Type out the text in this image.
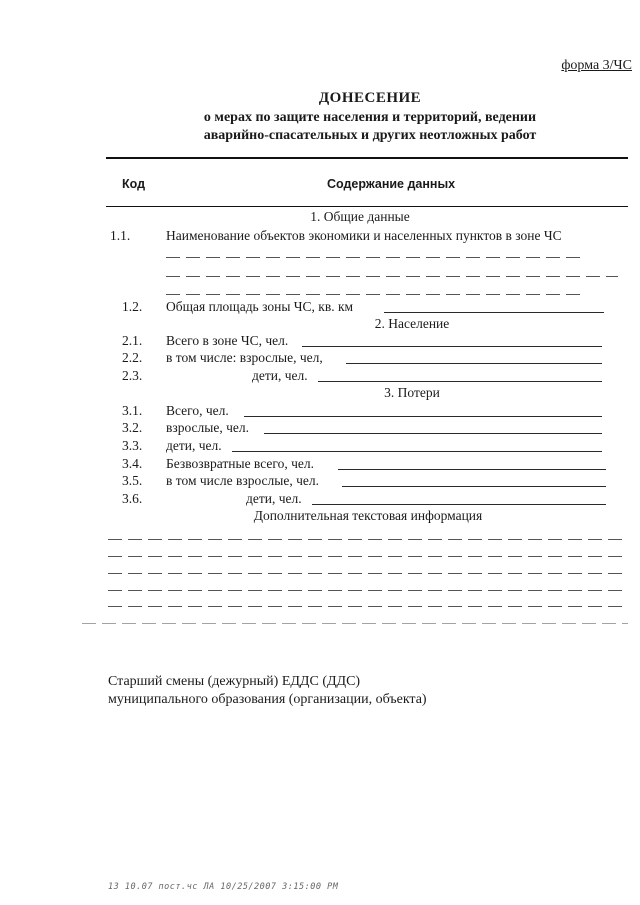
форма 3/ЧС
ДОНЕСЕНИЕ
о мерах по защите населения и территорий, ведении
аварийно-спасательных и других неотложных работ
Код	Содержание данных
1. Общие данные
1.1.	Наименование объектов экономики и населенных пунктов в зоне ЧС
1.2. Общая площадь зоны ЧС, кв. км
2. Население
2.1. Всего в зоне ЧС, чел.
2.2. в том числе: взрослые, чел,
2.3.	дети, чел.
3. Потери
3.1. Всего, чел.
3.2. взрослые, чел.
3.3. дети, чел.
3.4. Безвозвратные всего, чел.
3.5. в том числе взрослые, чел.
3.6.	дети, чел.
Дополнительная текстовая информация
Старший смены (дежурный) ЕДДС (ДДС)
муниципального образования (организации, объекта)
13 10.07 пост.чс ЛА 10/25/2007 3:15:00 РМ
